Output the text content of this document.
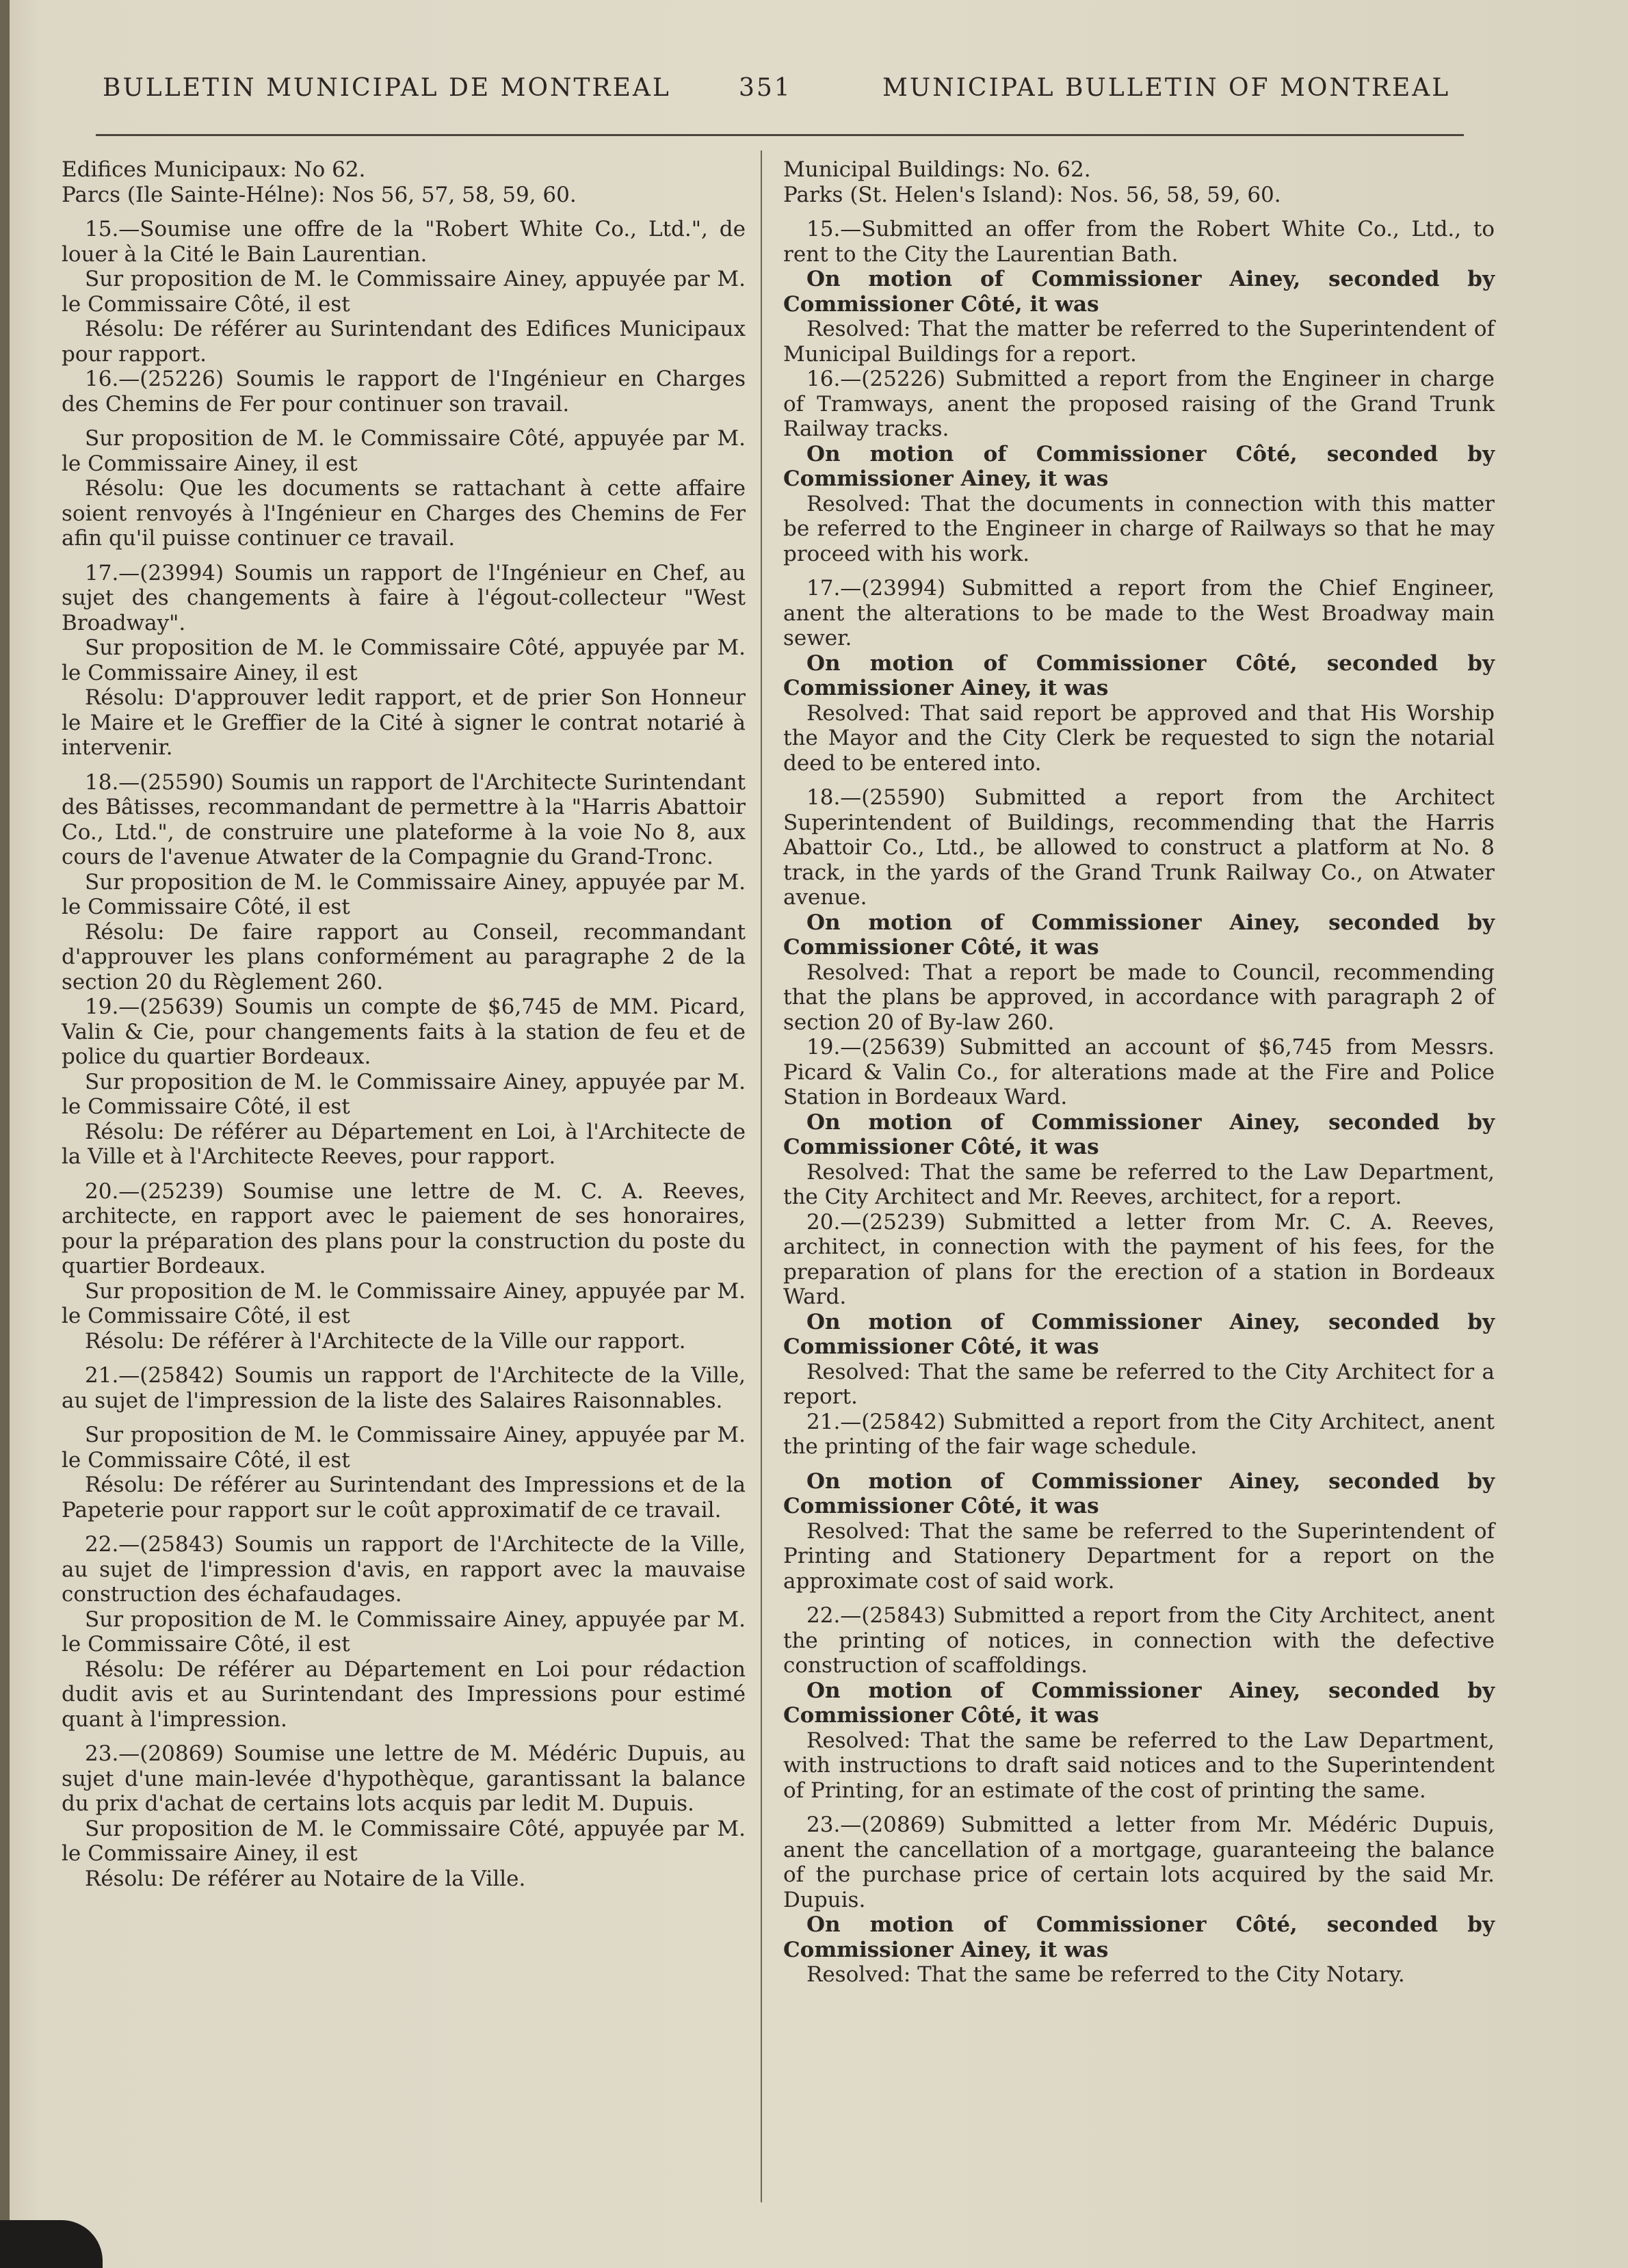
BULLETIN MUNICIPAL DE MONTREAL	351	MUNICIPAL BULLETIN OF MONTREAL

Edifices Municipaux: No 62.

Parcs (Ile Sainte-Hélne): Nos 56, 57, 58, 59, 60.

15.—Soumise une offre de la "Robert White Co., Ltd.", de louer à la Cité le Bain Laurentian.

Sur proposition de M. le Commissaire Ainey, appuyée par M. le Commissaire Côté, il est

Résolu: De référer au Surintendant des Edifices Municipaux pour rapport.

16.—(25226) Soumis le rapport de l'Ingénieur en Charges des Chemins de Fer pour continuer son travail.

Sur proposition de M. le Commissaire Côté, appuyée par M. le Commissaire Ainey, il est

Résolu: Que les documents se rattachant à cette affaire soient renvoyés à l'Ingénieur en Charges des Chemins de Fer afin qu'il puisse continuer ce travail.

17.—(23994) Soumis un rapport de l'Ingénieur en Chef, au sujet des changements à faire à l'égout-collecteur "West Broadway".

Sur proposition de M. le Commissaire Côté, appuyée par M. le Commissaire Ainey, il est

Résolu: D'approuver ledit rapport, et de prier Son Honneur le Maire et le Greffier de la Cité à signer le contrat notarié à intervenir.

18.—(25590) Soumis un rapport de l'Architecte Surintendant des Bâtisses, recommandant de permettre à la "Harris Abattoir Co., Ltd.", de construire une plateforme à la voie No 8, aux cours de l'avenue Atwater de la Compagnie du Grand-Tronc.

Sur proposition de M. le Commissaire Ainey, appuyée par M. le Commissaire Côté, il est

Résolu: De faire rapport au Conseil, recommandant d'approuver les plans conformément au paragraphe 2 de la section 20 du Règlement 260.

19.—(25639) Soumis un compte de $6,745 de MM. Picard, Valin & Cie, pour changements faits à la station de feu et de police du quartier Bordeaux.

Sur proposition de M. le Commissaire Ainey, appuyée par M. le Commissaire Côté, il est

Résolu: De référer au Département en Loi, à l'Architecte de la Ville et à l'Architecte Reeves, pour rapport.

20.—(25239) Soumise une lettre de M. C. A. Reeves, architecte, en rapport avec le paiement de ses honoraires, pour la préparation des plans pour la construction du poste du quartier Bordeaux.

Sur proposition de M. le Commissaire Ainey, appuyée par M. le Commissaire Côté, il est

Résolu: De référer à l'Architecte de la Ville our rapport.

21.—(25842) Soumis un rapport de l'Architecte de la Ville, au sujet de l'impression de la liste des Salaires Raisonnables.

Sur proposition de M. le Commissaire Ainey, appuyée par M. le Commissaire Côté, il est

Résolu: De référer au Surintendant des Impressions et de la Papeterie pour rapport sur le coût approximatif de ce travail.

22.—(25843) Soumis un rapport de l'Architecte de la Ville, au sujet de l'impression d'avis, en rapport avec la mauvaise construction des échafaudages.

Sur proposition de M. le Commissaire Ainey, appuyée par M. le Commissaire Côté, il est

Résolu: De référer au Département en Loi pour rédaction dudit avis et au Surintendant des Impressions pour estimé quant à l'impression.

23.—(20869) Soumise une lettre de M. Médéric Dupuis, au sujet d'une main-levée d'hypothèque, garantissant la balance du prix d'achat de certains lots acquis par ledit M. Dupuis.

Sur proposition de M. le Commissaire Côté, appuyée par M. le Commissaire Ainey, il est

Résolu: De référer au Notaire de la Ville.

Municipal Buildings: No. 62.

Parks (St. Helen's Island): Nos. 56, 58, 59, 60.

15.—Submitted an offer from the Robert White Co., Ltd., to rent to the City the Laurentian Bath.

On motion of Commissioner Ainey, seconded by Commissioner Côté, it was

Resolved: That the matter be referred to the Superintendent of Municipal Buildings for a report.

16.—(25226) Submitted a report from the Engineer in charge of Tramways, anent the proposed raising of the Grand Trunk Railway tracks.

On motion of Commissioner Côté, seconded by Commissioner Ainey, it was

Resolved: That the documents in connection with this matter be referred to the Engineer in charge of Railways so that he may proceed with his work.

17.—(23994) Submitted a report from the Chief Engineer, anent the alterations to be made to the West Broadway main sewer.

On motion of Commissioner Côté, seconded by Commissioner Ainey, it was

Resolved: That said report be approved and that His Worship the Mayor and the City Clerk be requested to sign the notarial deed to be entered into.

18.—(25590) Submitted a report from the Architect Superintendent of Buildings, recommending that the Harris Abattoir Co., Ltd., be allowed to construct a platform at No. 8 track, in the yards of the Grand Trunk Railway Co., on Atwater avenue.

On motion of Commissioner Ainey, seconded by Commissioner Côté, it was

Resolved: That a report be made to Council, recommending that the plans be approved, in accordance with paragraph 2 of section 20 of By-law 260.

19.—(25639) Submitted an account of $6,745 from Messrs. Picard & Valin Co., for alterations made at the Fire and Police Station in Bordeaux Ward.

On motion of Commissioner Ainey, seconded by Commissioner Côté, it was

Resolved: That the same be referred to the Law Department, the City Architect and Mr. Reeves, architect, for a report.

20.—(25239) Submitted a letter from Mr. C. A. Reeves, architect, in connection with the payment of his fees, for the preparation of plans for the erection of a station in Bordeaux Ward.

On motion of Commissioner Ainey, seconded by Commissioner Côté, it was

Resolved: That the same be referred to the City Architect for a report.

21.—(25842) Submitted a report from the City Architect, anent the printing of the fair wage schedule.

On motion of Commissioner Ainey, seconded by Commissioner Côté, it was

Resolved: That the same be referred to the Superintendent of Printing and Stationery Department for a report on the approximate cost of said work.

22.—(25843) Submitted a report from the City Architect, anent the printing of notices, in connection with the defective construction of scaffoldings.

On motion of Commissioner Ainey, seconded by Commissioner Côté, it was

Resolved: That the same be referred to the Law Department, with instructions to draft said notices and to the Superintendent of Printing, for an estimate of the cost of printing the same.

23.—(20869) Submitted a letter from Mr. Médéric Dupuis, anent the cancellation of a mortgage, guaranteeing the balance of the purchase price of certain lots acquired by the said Mr. Dupuis.

On motion of Commissioner Côté, seconded by Commissioner Ainey, it was

Resolved: That the same be referred to the City Notary.
